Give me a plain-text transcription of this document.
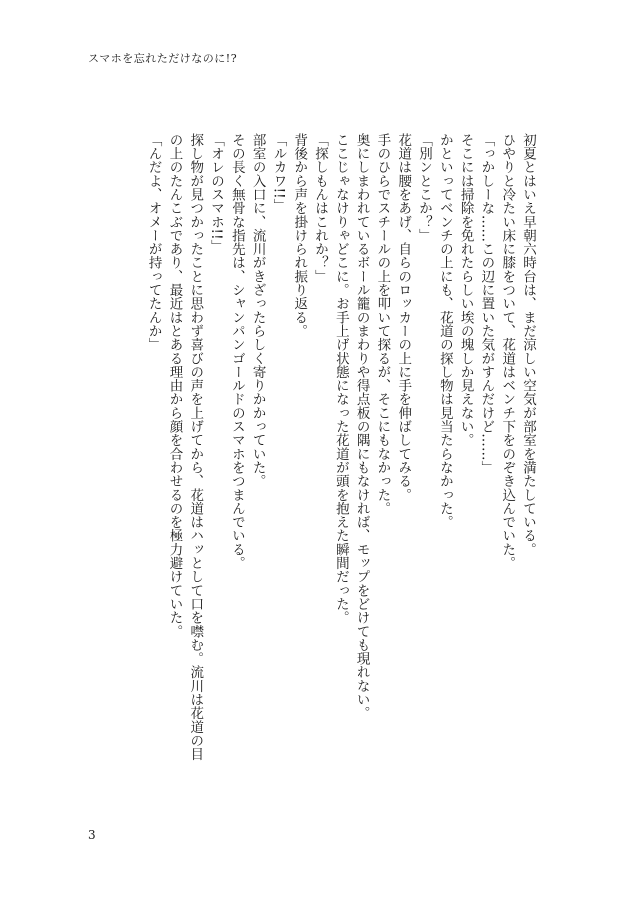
スマホを忘れただけなのに!?
初夏とはいえ早朝六時台は、まだ涼しい空気が部室を満たしている。
ひやりと冷たい床に膝をついて、花道はベンチ下をのぞき込んでいた。
「っかしーな……この辺に置いた気がすんだけど……」
そこには掃除を免れたらしい埃の塊しか見えない。
かといってベンチの上にも、花道の探し物は見当たらなかった。
「別ンとこか？」
花道は腰をあげ、自らのロッカーの上に手を伸ばしてみる。
手のひらでスチールの上を叩いて探るが、そこにもなかった。
奥にしまわれているボール籠のまわりや得点板の隅にもなければ、モップをどけても現れない。
ここじゃなけりゃどこに。お手上げ状態になった花道が頭を抱えた瞬間だった。
「探しもんはこれか？」
背後から声を掛けられ振り返る。
「ルカワ!!」
部室の入口に、流川がきざったらしく寄りかかっていた。
その長く無骨な指先は、シャンパンゴールドのスマホをつまんでいる。
「オレのスマホ!!」
探し物が見つかったことに思わず喜びの声を上げてから、花道はハッとして口を噤む。流川は花道の目
の上のたんこぶであり、最近はとある理由から顔を合わせるのを極力避けていた。
「んだよ、オメーが持ってたんか」
3
